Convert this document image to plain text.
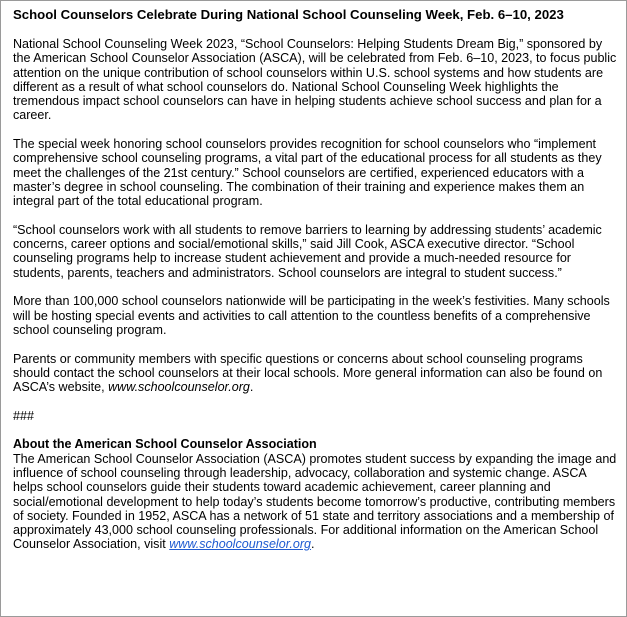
School Counselors Celebrate During National School Counseling Week, Feb. 6–10, 2023

National School Counseling Week 2023, “School Counselors: Helping Students Dream Big,” sponsored by the American School Counselor Association (ASCA), will be celebrated from Feb. 6–10, 2023, to focus public attention on the unique contribution of school counselors within U.S. school systems and how students are different as a result of what school counselors do. National School Counseling Week highlights the tremendous impact school counselors can have in helping students achieve school success and plan for a career.

The special week honoring school counselors provides recognition for school counselors who “implement comprehensive school counseling programs, a vital part of the educational process for all students as they meet the challenges of the 21st century.” School counselors are certified, experienced educators with a master’s degree in school counseling. The combination of their training and experience makes them an integral part of the total educational program.

“School counselors work with all students to remove barriers to learning by addressing students’ academic concerns, career options and social/emotional skills,” said Jill Cook, ASCA executive director. “School counseling programs help to increase student achievement and provide a much-needed resource for students, parents, teachers and administrators. School counselors are integral to student success.”

More than 100,000 school counselors nationwide will be participating in the week’s festivities. Many schools will be hosting special events and activities to call attention to the countless benefits of a comprehensive school counseling program.

Parents or community members with specific questions or concerns about school counseling programs should contact the school counselors at their local schools. More general information can also be found on ASCA’s website, www.schoolcounselor.org.

###

About the American School Counselor Association
The American School Counselor Association (ASCA) promotes student success by expanding the image and influence of school counseling through leadership, advocacy, collaboration and systemic change. ASCA helps school counselors guide their students toward academic achievement, career planning and social/emotional development to help today’s students become tomorrow’s productive, contributing members of society. Founded in 1952, ASCA has a network of 51 state and territory associations and a membership of approximately 43,000 school counseling professionals. For additional information on the American School Counselor Association, visit www.schoolcounselor.org.
